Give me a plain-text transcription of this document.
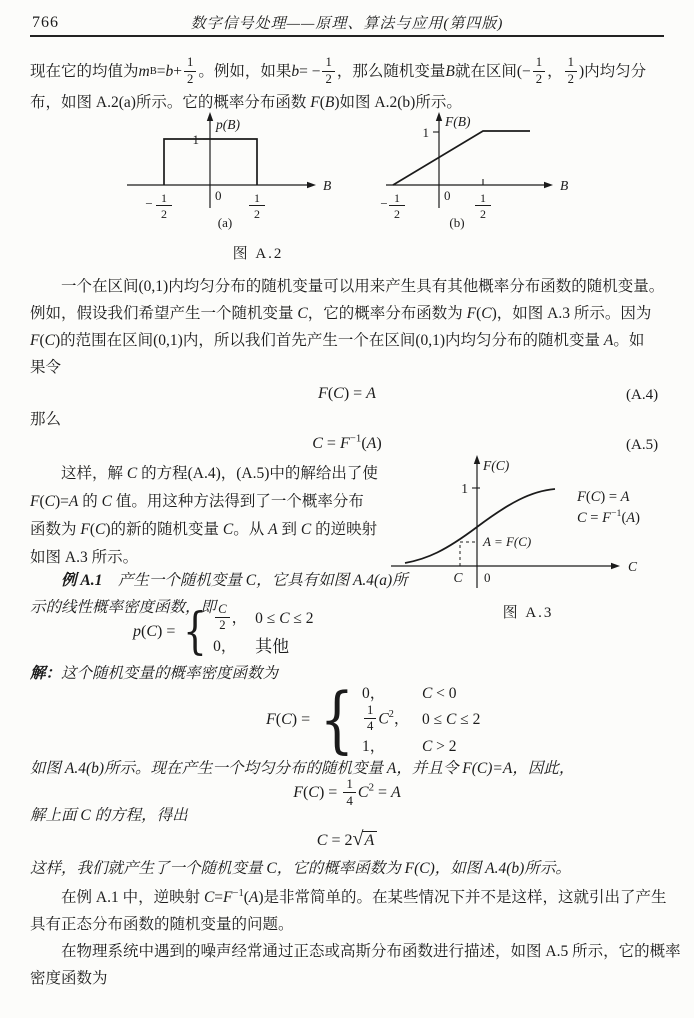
766	数字信号处理——原理、算法与应用(第四版)
现在它的均值为 m $B = b + \frac{1}{2}$ 。例如，如果 b = − $\frac{1}{2}$ ，那么随机变量 B 就在区间(− $\frac{1}{2}$ ， $\frac{1}{2}$ )内均匀分
布，如图 A.2(a)所示。它的概率分布函数 F(B)如图 A.2(b)所示。
1
p(B)
0
− 1
2
1
2
B
(a)
1
F(B)
0
− 1
2
1
2
B
(b)
图 A.2
　　一个在区间(0,1)内均匀分布的随机变量可以用来产生具有其他概率分布函数的随机变量。
例如，假设我们希望产生一个随机变量 C，它的概率分布函数为 F(C)，如图 A.3 所示。因为
F(C)的范围在区间(0,1)内，所以我们首先产生一个在区间(0,1)内均匀分布的随机变量 A。如
果令
F(C) = A	(A.4)
那么
$C = F^{-1}(A)$	(A.5)
　　这样，解 C 的方程(A.4)，(A.5)中的解给出了使
F(C)=A 的 C 值。用这种方法得到了一个概率分布
函数为 F(C)的新的随机变量 C。从 A 到 C 的逆映射
如图 A.3 所示。
1
F(C)
A = F(C)
C 0
C
F(C) = A
$C = F^{-1}(A)$
图 A.3
　　例 A.1　产生一个随机变量 C，它具有如图 A.4(a)所
示的线性概率密度函数，即
p(C) = { $\frac{C}{2}$ ， 0 ≤ C ≤ 2
0，	其他
解：这个随机变量的概率密度函数为
F(C) = { 0，	C < 0
$\frac{1}{4} C^2$， 0 ≤ C ≤ 2
1，	C > 2
如图 A.4(b)所示。现在产生一个均匀分布的随机变量 A，并且令 F(C)=A，因此，
$F(C) = \frac{1}{4} C^2 = A$
解上面 C 的方程，得出
C = 2 √ A
这样，我们就产生了一个随机变量 C，它的概率函数为 F(C)，如图 A.4(b)所示。
　　在例 A.1 中，逆映射 $C=F^{-1}(A)$是非常简单的。在某些情况下并不是这样，这就引出了产生
具有正态分布函数的随机变量的问题。
　　在物理系统中遇到的噪声经常通过正态或高斯分布函数进行描述，如图 A.5 所示，它的概率
密度函数为
